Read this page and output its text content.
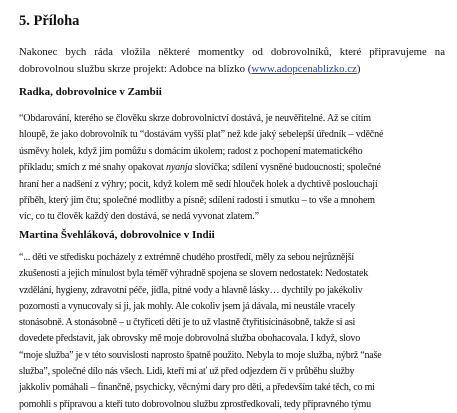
5. Příloha

Nakonec bych ráda vložila některé momentky od dobrovolníků, které připravujeme na dobrovolnou službu skrze projekt: Adobce na blízko (www.adopcenablizko.cz)

Radka, dobrovolnice v Zambii
“Obdarování, kterého se člověku skrze dobrovolnictví dostává, je neuvěřitelné. Až se cítím
hloupě, že jako dobrovolník tu “dostávám vyšší plat” než kde jaký sebelepší úředník – vděčné
úsměvy holek, když jim pomůžu s domácím úkolem; radost z pochopení matematického
příkladu; smích z mé snahy opakovat nyanja slovíčka; sdílení vysněné budoucnosti; společné
hraní her a nadšení z výhry; pocit, když kolem mě sedí hlouček holek a dychtivě poslouchají
příběh, který jim čtu; společné modlitby a písně; sdílení radosti i smutku – to vše a mnohem
víc, co tu člověk každý den dostává, se nedá vyvonat zlatem.”
Martina Švehláková, dobrovolnice v Indii
“... děti ve středisku pocházely z extrémně chudého prostředí, měly za sebou nejrůznější
zkušenosti a jejich minulost byla téměř výhradně spojena se slovem nedostatek: Nedostatek
vzdělání, hygieny, zdravotní péče, jídla, pitné vody a hlavně lásky… dychtily po jakékoliv
pozornosti a vynucovaly si ji, jak mohly. Ale cokoliv jsem já dávala, mi neustále vracely
stonásobně. A stonásobně – u čtyřiceti dětí je to už vlastně čtyřitisícinásobně, takže si asi
dovedete představit, jak obrovsky mě moje dobrovolná služba obohacovala. I když, slovo
“moje služba” je v této souvislosti naprosto špatně použito. Nebyla to moje služba, nýbrž “naše
služba”, společné dílo nás všech. Lidi, kteří mi ať už před odjezdem či v průběhu služby
jakkoliv pomáhali – finančně, psychicky, věcnými dary pro děti, a především také těch, co mi
pomohli s přípravou a kteří tuto dobrovolnou službu zprostředkovali, tedy přípravného týmu
